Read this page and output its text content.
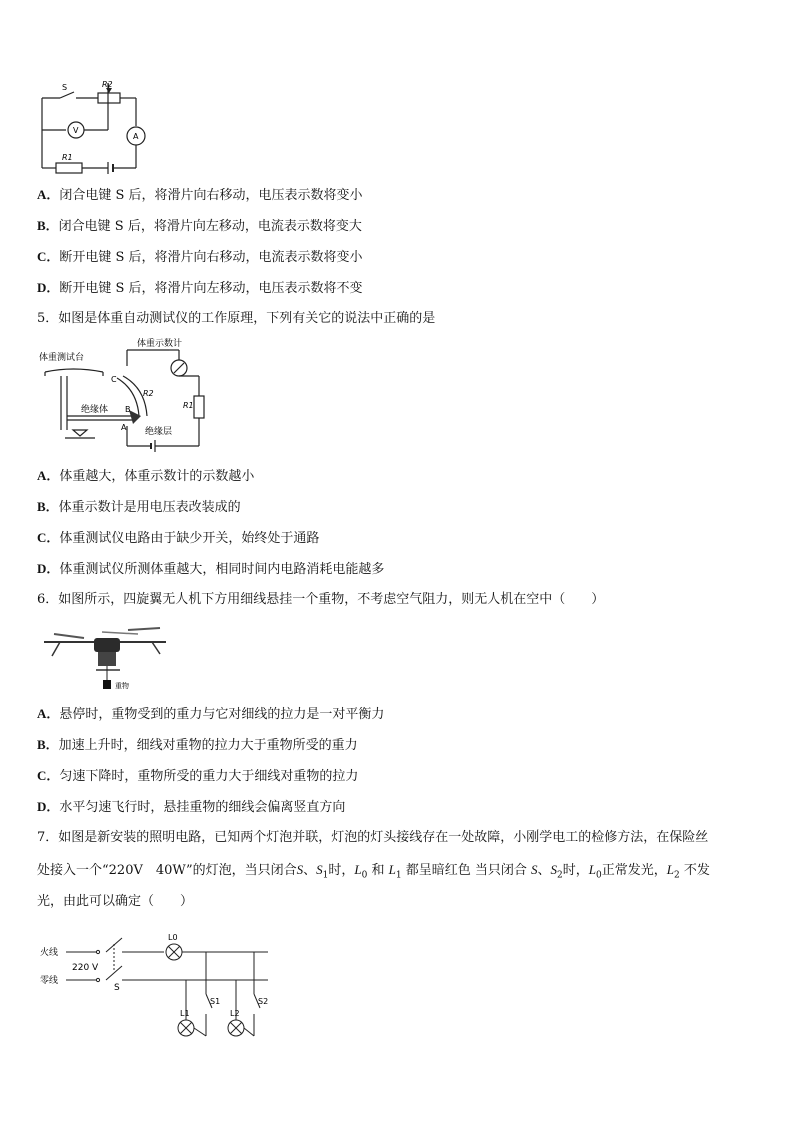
S	R2
V
A
R1
A．闭合电键 S 后，将滑片向右移动，电压表示数将变小
B．闭合电键 S 后，将滑片向左移动，电流表示数将变大
C．断开电键 S 后，将滑片向右移动，电流表示数将变小
D．断开电键 S 后，将滑片向左移动，电压表示数将不变
5．如图是体重自动测试仪的工作原理，下列有关它的说法中正确的是
体重测试台
体重示数计
绝缘体
绝缘层
C
B
A
R2
R1
A．体重越大，体重示数计的示数越小
B．体重示数计是用电压表改装成的
C．体重测试仪电路由于缺少开关，始终处于通路
D．体重测试仪所测体重越大，相同时间内电路消耗电能越多
6．如图所示，四旋翼无人机下方用细线悬挂一个重物，不考虑空气阻力，则无人机在空中（　　）
重物
A．悬停时，重物受到的重力与它对细线的拉力是一对平衡力
B．加速上升时，细线对重物的拉力大于重物所受的重力
C．匀速下降时，重物所受的重力大于细线对重物的拉力
D．水平匀速飞行时，悬挂重物的细线会偏离竖直方向
7．如图是新安装的照明电路，已知两个灯泡并联，灯泡的灯头接线存在一处故障，小刚学电工的检修方法，在保险丝
处接入一个“220V　40W”的灯泡，当只闭合S、$S_1$时，$L_0$ 和 $L_1$ 都呈暗红色 当只闭合 S、$S_2$时，$L_0$正常发光，$L_2$ 不发
光，由此可以确定（　　）
火线
零线
220 V
S
L0
L1	L2
S1	S2
